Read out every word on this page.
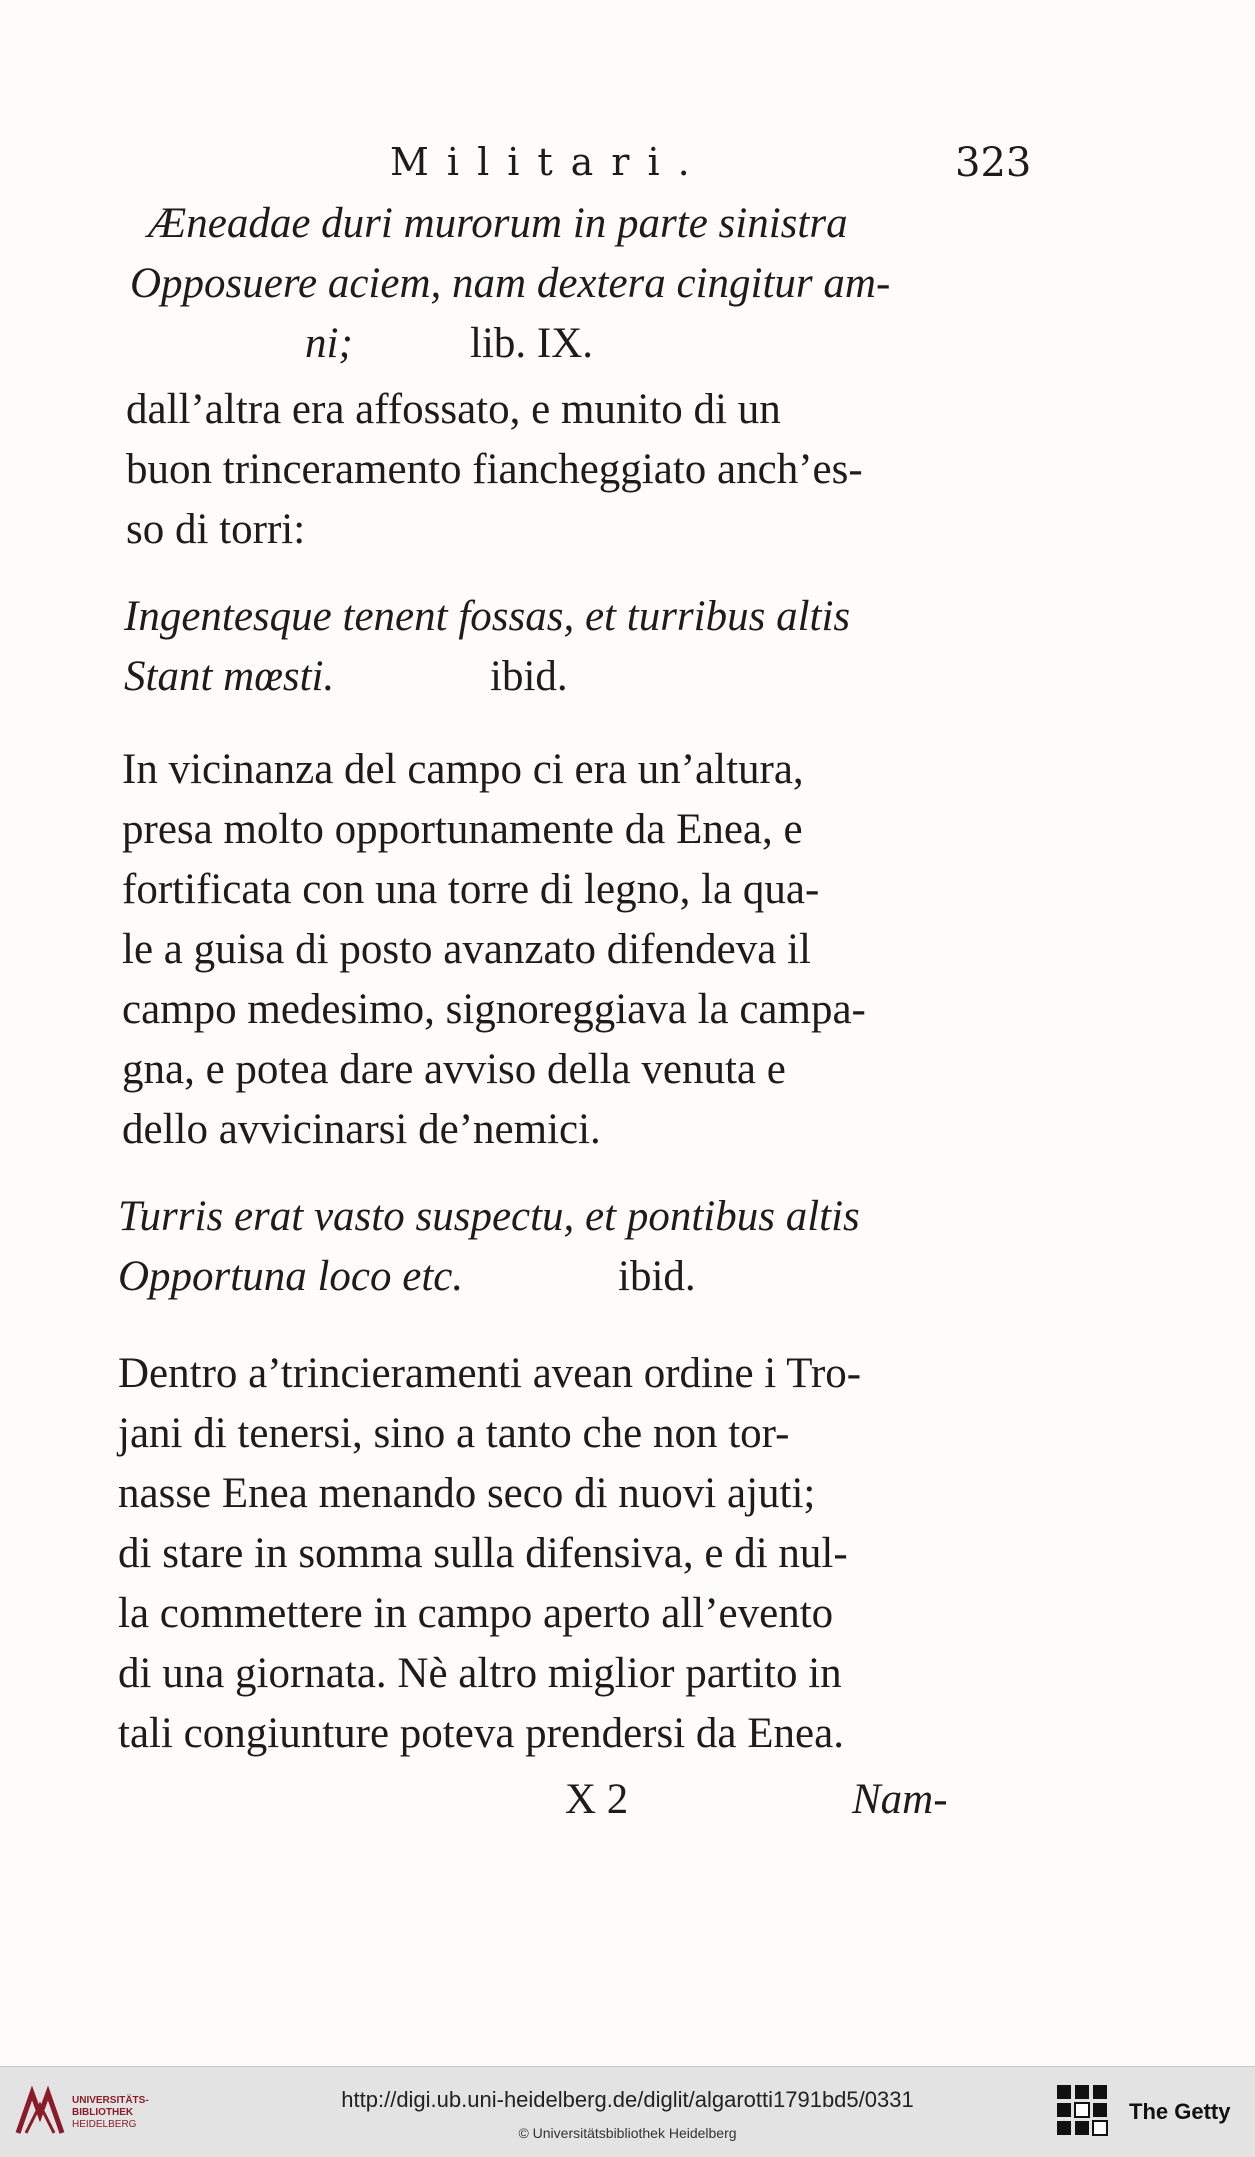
Militari.	323
Æneadae duri murorum in parte sinistra
Opposuere aciem, nam dextera cingitur am-
ni;	lib. IX.
dall’altra era affossato, e munito di un
buon trinceramento fiancheggiato anch’es-
so di torri:
Ingentesque tenent fossas, et turribus altis
Stant mœsti.	ibid.
In vicinanza del campo ci era un’altura,
presa molto opportunamente da Enea, e
fortificata con una torre di legno, la qua-
le a guisa di posto avanzato difendeva il
campo medesimo, signoreggiava la campa-
gna, e potea dare avviso della venuta e
dello avvicinarsi de’nemici.
Turris erat vasto suspectu, et pontibus altis
Opportuna loco etc.	ibid.
Dentro a’trincieramenti avean ordine i Tro-
jani di tenersi, sino a tanto che non tor-
nasse Enea menando seco di nuovi ajuti;
di stare in somma sulla difensiva, e di nul-
la commettere in campo aperto all’evento
di una giornata. Nè altro miglior partito in
tali congiunture poteva prendersi da Enea.
X 2	Nam-
UNIVERSITÄTS-
BIBLIOTHEK
HEIDELBERG
http://digi.ub.uni-heidelberg.de/diglit/algarotti1791bd5/0331
© Universitätsbibliothek Heidelberg
The Getty
